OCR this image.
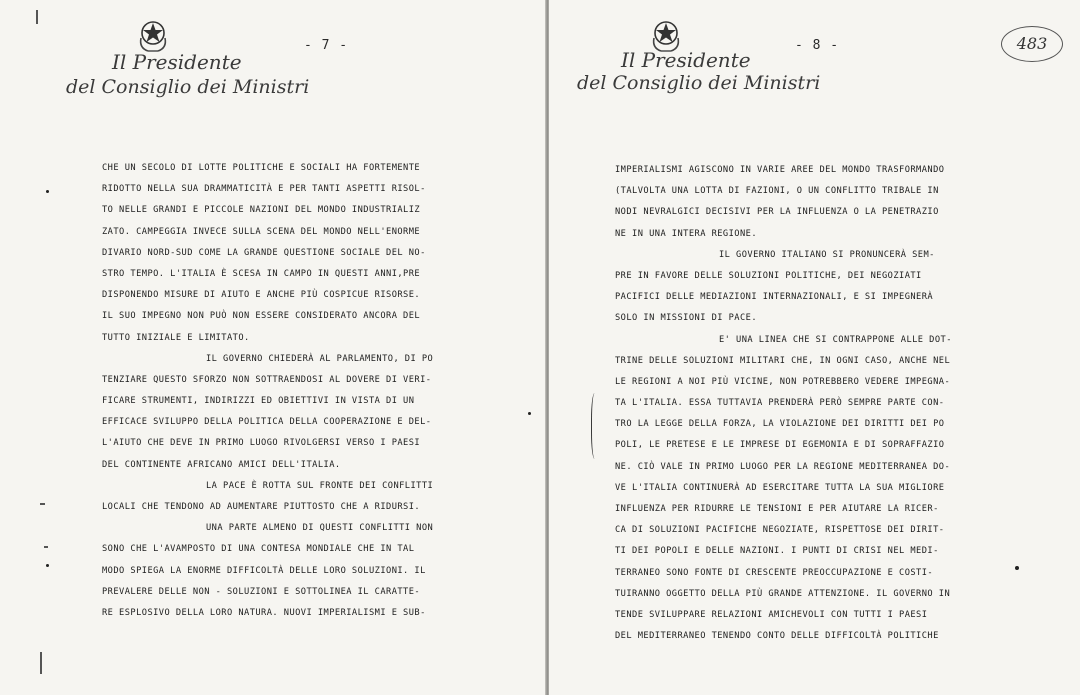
- 7 -
Il Presidente
del Consiglio dei Ministri
CHE UN SECOLO DI LOTTE POLITICHE E SOCIALI HA FORTEMENTE
RIDOTTO NELLA SUA DRAMMATICITÀ E PER TANTI ASPETTI RISOL-
TO NELLE GRANDI E PICCOLE NAZIONI DEL MONDO INDUSTRIALIZ
ZATO. CAMPEGGIA INVECE SULLA SCENA DEL MONDO NELL'ENORME
DIVARIO NORD-SUD COME LA GRANDE QUESTIONE SOCIALE DEL NO-
STRO TEMPO. L'ITALIA È SCESA IN CAMPO IN QUESTI ANNI,PRE
DISPONENDO MISURE DI AIUTO E ANCHE PIÙ COSPICUE RISORSE.
IL SUO IMPEGNO NON PUÒ NON ESSERE CONSIDERATO ANCORA DEL
TUTTO INIZIALE E LIMITATO.
IL GOVERNO CHIEDERÀ AL PARLAMENTO, DI PO
TENZIARE QUESTO SFORZO NON SOTTRAENDOSI AL DOVERE DI VERI-
FICARE STRUMENTI, INDIRIZZI ED OBIETTIVI IN VISTA DI UN
EFFICACE SVILUPPO DELLA POLITICA DELLA COOPERAZIONE E DEL-
L'AIUTO CHE DEVE IN PRIMO LUOGO RIVOLGERSI VERSO I PAESI
DEL CONTINENTE AFRICANO AMICI DELL'ITALIA.
LA PACE È ROTTA SUL FRONTE DEI CONFLITTI
LOCALI CHE TENDONO AD AUMENTARE PIUTTOSTO CHE A RIDURSI.
UNA PARTE ALMENO DI QUESTI CONFLITTI NON
SONO CHE L'AVAMPOSTO DI UNA CONTESA MONDIALE CHE IN TAL
MODO SPIEGA LA ENORME DIFFICOLTÀ DELLE LORO SOLUZIONI. IL
PREVALERE DELLE NON - SOLUZIONI E SOTTOLINEA IL CARATTE-
RE ESPLOSIVO DELLA LORO NATURA. NUOVI IMPERIALISMI E SUB-
- 8 -
Il Presidente
del Consiglio dei Ministri
483
IMPERIALISMI AGISCONO IN VARIE AREE DEL MONDO TRASFORMANDO
(TALVOLTA UNA LOTTA DI FAZIONI, O UN CONFLITTO TRIBALE IN
NODI NEVRALGICI DECISIVI PER LA INFLUENZA O LA PENETRAZIO
NE IN UNA INTERA REGIONE.
IL GOVERNO ITALIANO SI PRONUNCERÀ SEM-
PRE IN FAVORE DELLE SOLUZIONI POLITICHE, DEI NEGOZIATI
PACIFICI DELLE MEDIAZIONI INTERNAZIONALI, E SI IMPEGNERÀ
SOLO IN MISSIONI DI PACE.
E' UNA LINEA CHE SI CONTRAPPONE ALLE DOT-
TRINE DELLE SOLUZIONI MILITARI CHE, IN OGNI CASO, ANCHE NEL
LE REGIONI A NOI PIÙ VICINE, NON POTREBBERO VEDERE IMPEGNA-
TA L'ITALIA. ESSA TUTTAVIA PRENDERÀ PERÒ SEMPRE PARTE CON-
TRO LA LEGGE DELLA FORZA, LA VIOLAZIONE DEI DIRITTI DEI PO
POLI, LE PRETESE E LE IMPRESE DI EGEMONIA E DI SOPRAFFAZIO
NE. CIÒ VALE IN PRIMO LUOGO PER LA REGIONE MEDITERRANEA DO-
VE L'ITALIA CONTINUERÀ AD ESERCITARE TUTTA LA SUA MIGLIORE
INFLUENZA PER RIDURRE LE TENSIONI E PER AIUTARE LA RICER-
CA DI SOLUZIONI PACIFICHE NEGOZIATE, RISPETTOSE DEI DIRIT-
TI DEI POPOLI E DELLE NAZIONI. I PUNTI DI CRISI NEL MEDI-
TERRANEO SONO FONTE DI CRESCENTE PREOCCUPAZIONE E COSTI-
TUIRANNO OGGETTO DELLA PIÙ GRANDE ATTENZIONE. IL GOVERNO IN
TENDE SVILUPPARE RELAZIONI AMICHEVOLI CON TUTTI I PAESI
DEL MEDITERRANEO TENENDO CONTO DELLE DIFFICOLTÀ POLITICHE
